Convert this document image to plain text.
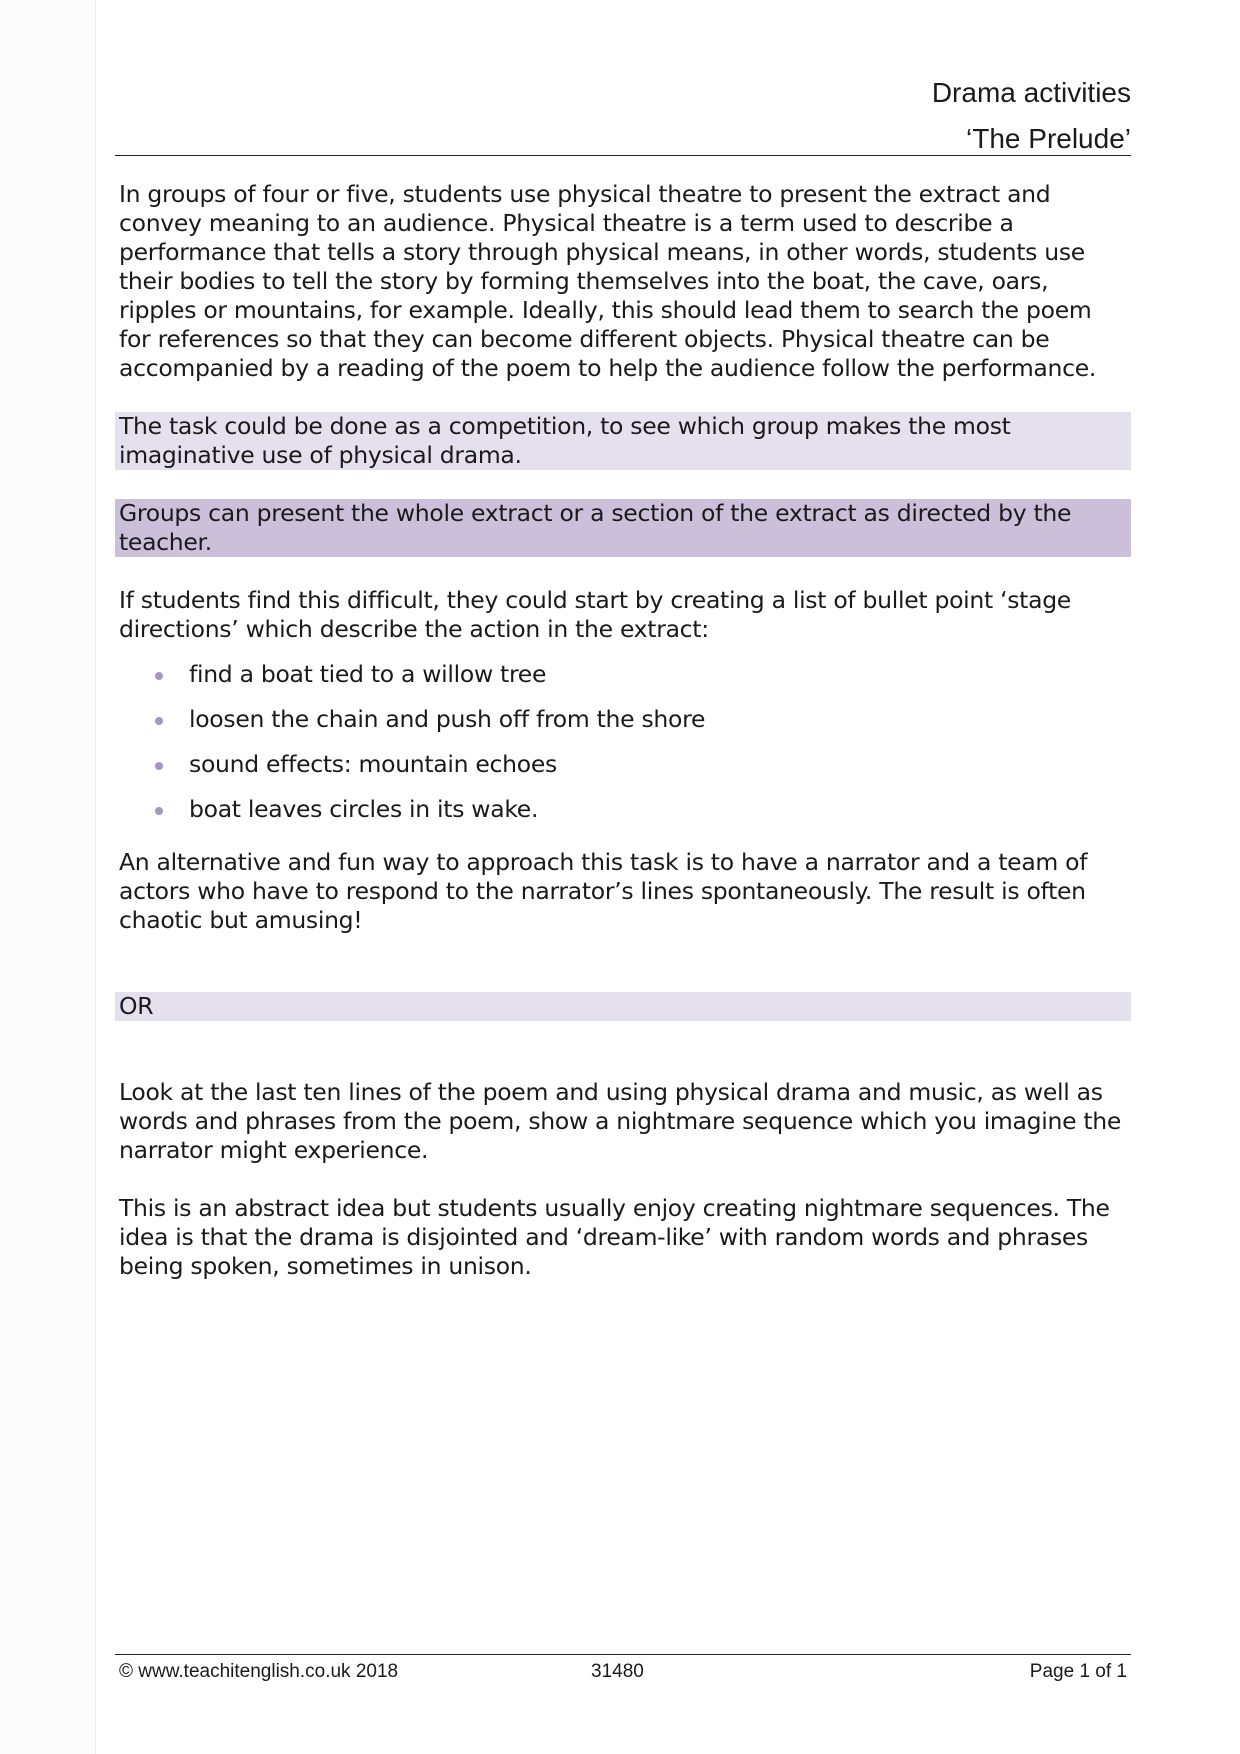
Drama activities
‘The Prelude’

In groups of four or five, students use physical theatre to present the extract and convey meaning to an audience. Physical theatre is a term used to describe a performance that tells a story through physical means, in other words, students use their bodies to tell the story by forming themselves into the boat, the cave, oars, ripples or mountains, for example. Ideally, this should lead them to search the poem for references so that they can become different objects. Physical theatre can be accompanied by a reading of the poem to help the audience follow the performance.

The task could be done as a competition, to see which group makes the most imaginative use of physical drama.

Groups can present the whole extract or a section of the extract as directed by the teacher.

If students find this difficult, they could start by creating a list of bullet point ‘stage directions’ which describe the action in the extract:

find a boat tied to a willow tree
loosen the chain and push off from the shore
sound effects: mountain echoes
boat leaves circles in its wake.

An alternative and fun way to approach this task is to have a narrator and a team of actors who have to respond to the narrator’s lines spontaneously. The result is often chaotic but amusing!

OR

Look at the last ten lines of the poem and using physical drama and music, as well as words and phrases from the poem, show a nightmare sequence which you imagine the narrator might experience.

This is an abstract idea but students usually enjoy creating nightmare sequences. The idea is that the drama is disjointed and ‘dream-like’ with random words and phrases being spoken, sometimes in unison.

© www.teachitenglish.co.uk 2018	31480	Page 1 of 1
